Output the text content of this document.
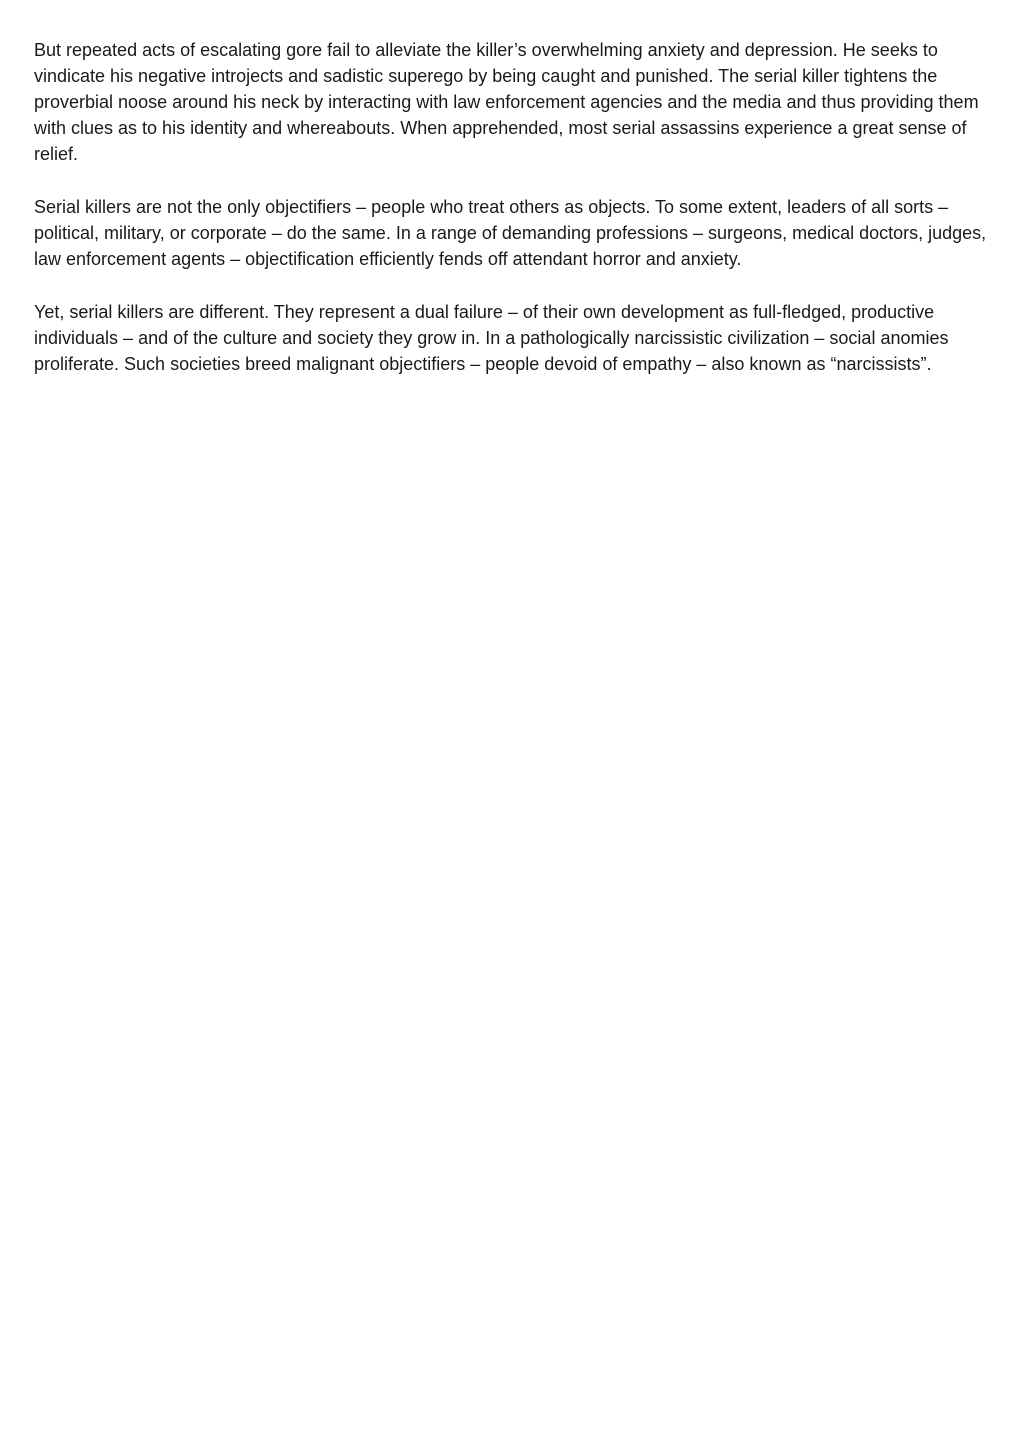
But repeated acts of escalating gore fail to alleviate the killer’s overwhelming anxiety and depression. He seeks to vindicate his negative introjects and sadistic superego by being caught and punished. The serial killer tightens the proverbial noose around his neck by interacting with law enforcement agencies and the media and thus providing them with clues as to his identity and whereabouts. When apprehended, most serial assassins experience a great sense of relief.

Serial killers are not the only objectifiers – people who treat others as objects. To some extent, leaders of all sorts – political, military, or corporate – do the same. In a range of demanding professions – surgeons, medical doctors, judges, law enforcement agents – objectification efficiently fends off attendant horror and anxiety.

Yet, serial killers are different. They represent a dual failure – of their own development as full-fledged, productive individuals – and of the culture and society they grow in. In a pathologically narcissistic civilization – social anomies proliferate. Such societies breed malignant objectifiers – people devoid of empathy – also known as “narcissists”.
